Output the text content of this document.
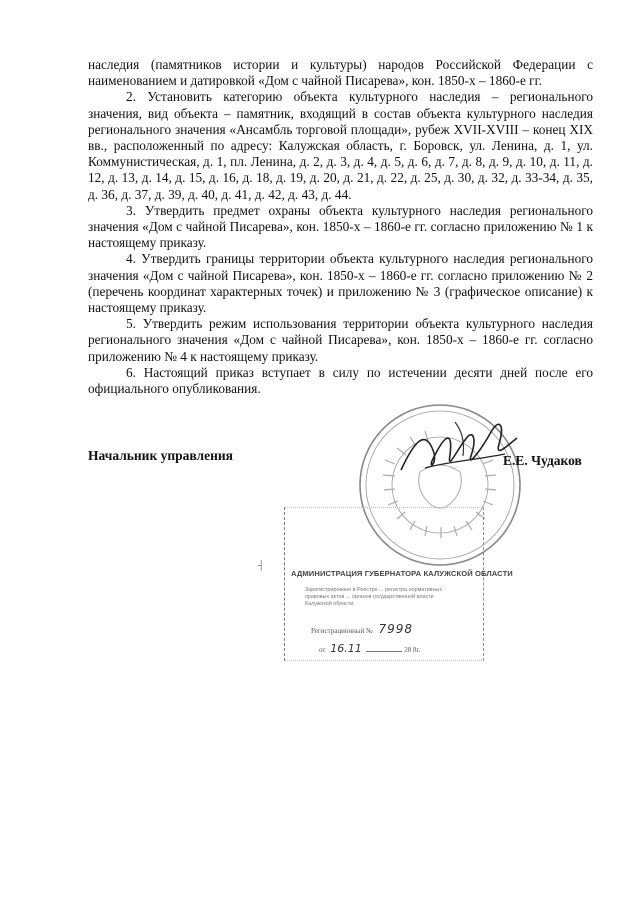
наследия (памятников истории и культуры) народов Российской Федерации с наименованием и датировкой «Дом с чайной Писарева», кон. 1850-х – 1860-е гг.

2. Установить категорию объекта культурного наследия – регионального значения, вид объекта – памятник, входящий в состав объекта культурного наследия регионального значения «Ансамбль торговой площади», рубеж XVII-XVIII – конец XIX вв., расположенный по адресу: Калужская область, г. Боровск, ул. Ленина, д. 1, ул. Коммунистическая, д. 1, пл. Ленина, д. 2, д. 3, д. 4, д. 5, д. 6, д. 7, д. 8, д. 9, д. 10, д. 11, д. 12, д. 13, д. 14, д. 15, д. 16, д. 18, д. 19, д. 20, д. 21, д. 22, д. 25, д. 30, д. 32, д. 33-34, д. 35, д. 36, д. 37, д. 39, д. 40, д. 41, д. 42, д. 43, д. 44.

3. Утвердить предмет охраны объекта культурного наследия регионального значения «Дом с чайной Писарева», кон. 1850-х – 1860-е гг. согласно приложению № 1 к настоящему приказу.

4. Утвердить границы территории объекта культурного наследия регионального значения «Дом с чайной Писарева», кон. 1850-х – 1860-е гг. согласно приложению № 2 (перечень координат характерных точек) и приложению № 3 (графическое описание) к настоящему приказу.

5. Утвердить режим использования территории объекта культурного наследия регионального значения «Дом с чайной Писарева», кон. 1850-х – 1860-е гг. согласно приложению № 4 к настоящему приказу.

6. Настоящий приказ вступает в силу по истечении десяти дней после его официального опубликования.

Начальник управления	Е.Е. Чудаков
┤
АДМИНИСТРАЦИЯ ГУБЕРНАТОРА КАЛУЖСКОЙ ОБЛАСТИ
Зарегистрировано в Реестре ... регистра нормативных
правовых актов ... органов государственной власти
Калужской области
Регистрационный № 7998
от 16.11	20 8г.
